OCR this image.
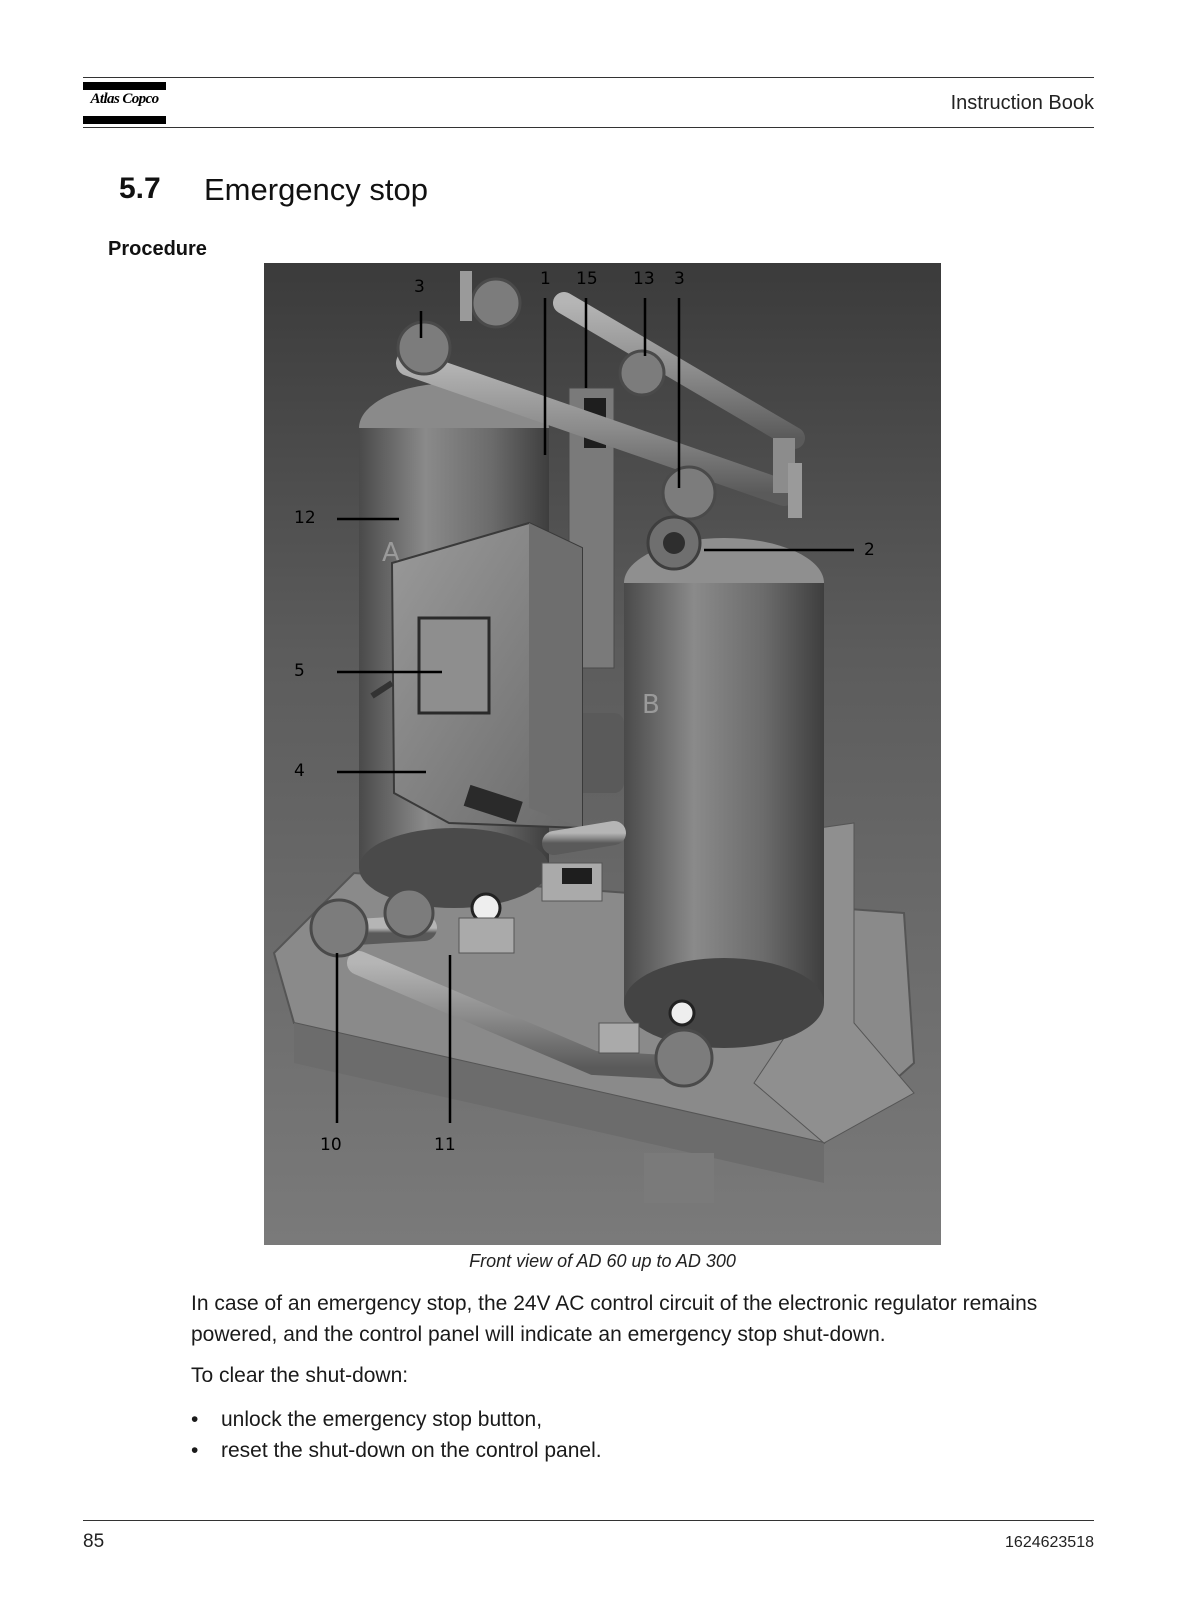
Atlas Copco	Instruction Book
5.7 Emergency stop
Procedure
A
B
3	1 15 13 3
12
2
5
4
10	11
Front view of AD 60 up to AD 300
In case of an emergency stop, the 24V AC control circuit of the electronic regulator remains powered, and the control panel will indicate an emergency stop shut-down.
To clear the shut-down:
• unlock the emergency stop button,
• reset the shut-down on the control panel.
85	1624623518
